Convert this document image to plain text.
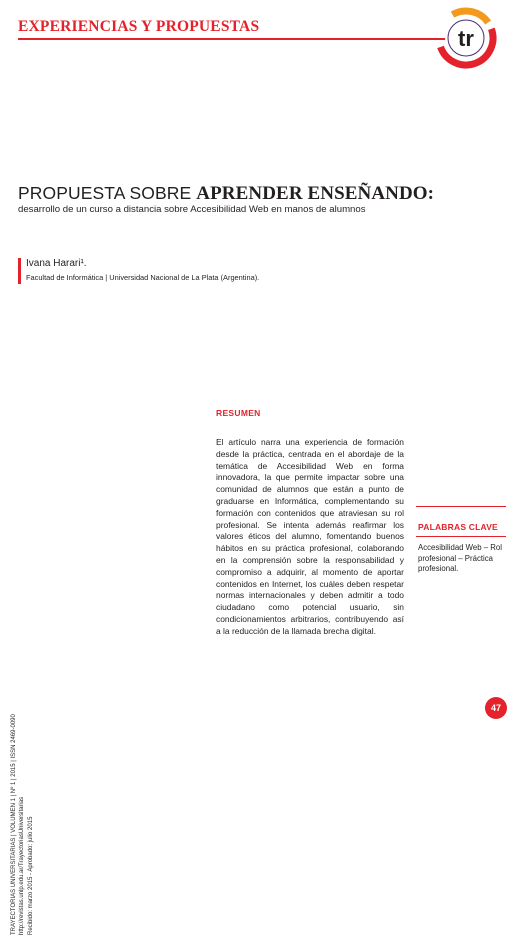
EXPERIENCIAS Y PROPUESTAS	tr
PROPUESTA SOBRE APRENDER ENSEÑANDO:
desarrollo de un curso a distancia sobre Accesibilidad Web en manos de alumnos
Ivana Harari¹.
Facultad de Informática | Universidad Nacional de La Plata (Argentina).
RESUMEN
El artículo narra una experiencia de formación desde la práctica, centrada en el abordaje de la temática de Accesibilidad Web en forma innovadora, la que permite impactar sobre una comunidad de alumnos que están a punto de graduarse en Informática, complementando su formación con contenidos que atraviesan su rol profesional. Se intenta además reafirmar los valores éticos del alumno, fomentando buenos hábitos en su práctica profesional, colaborando en la comprensión sobre la responsabilidad y compromiso a adquirir, al momento de aportar contenidos en Internet, los cuáles deben respetar normas internacionales y deben admitir a todo ciudadano como potencial usuario, sin condicionamientos arbitrarios, contribuyendo así a la reducción de la llamada brecha digital.
PALABRAS CLAVE
Accesibilidad Web – Rol profesional – Práctica profesional.
TRAYECTORIAS UNIVERSITARIAS | VOLUMEN 1 | Nº 1 | 2015 | ISSN 2469-0090 http://revistas.unlp.edu.ar/TrayectoriasUniversitarias Recibido: marzo 2015 - Aprobado: julio 2015
47
